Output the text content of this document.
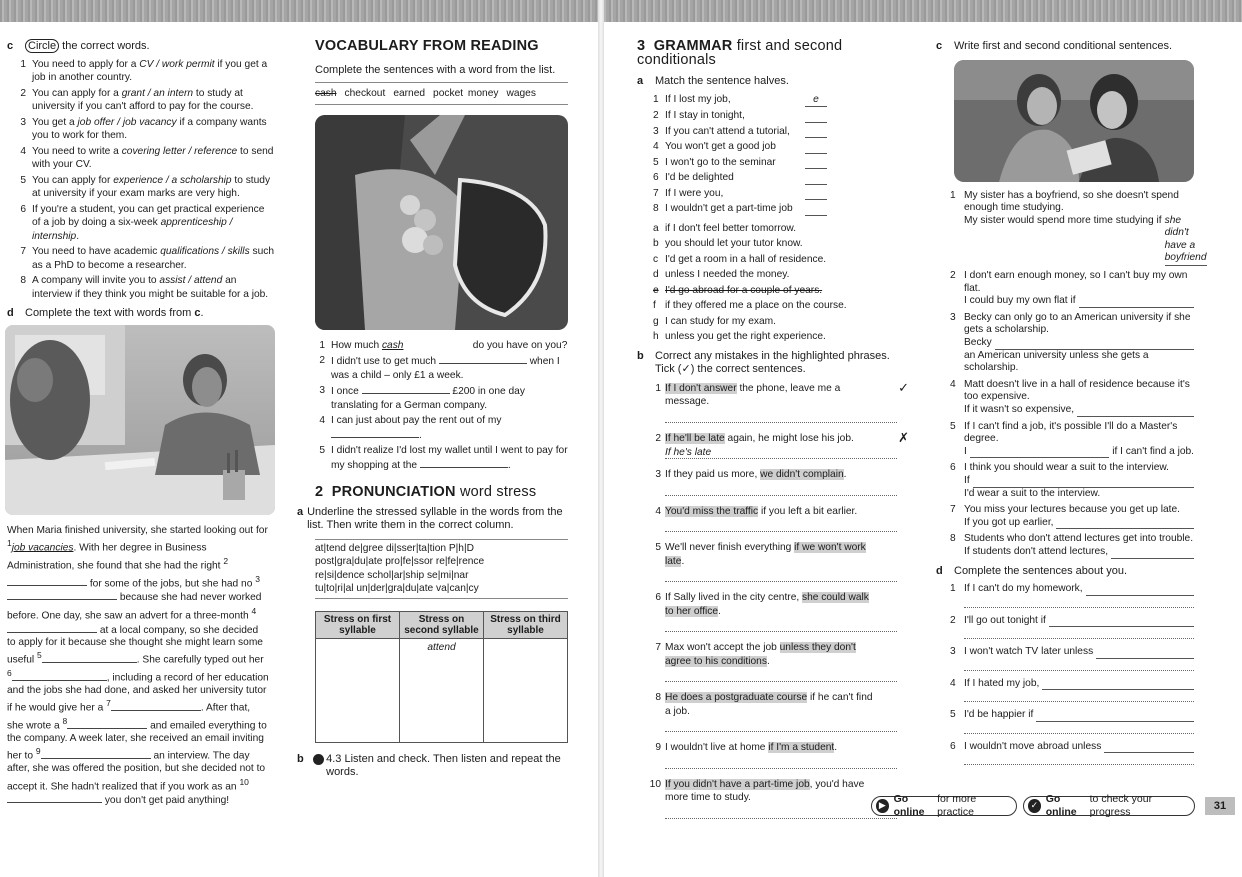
c Circle the correct words.
1 You need to apply for a CV / work permit if you get a job in another country.
2 You can apply for a grant / an intern to study at university if you can't afford to pay for the course.
3 You get a job offer / job vacancy if a company wants you to work for them.
4 You need to write a covering letter / reference to send with your CV.
5 You can apply for experience / a scholarship to study at university if your exam marks are very high.
6 If you're a student, you can get practical experience of a job by doing a six-week apprenticeship / internship.
7 You need to have academic qualifications / skills such as a PhD to become a researcher.
8 A company will invite you to assist / attend an interview if they think you might be suitable for a job.
d Complete the text with words from c.
When Maria finished university, she started looking out for $^1$job vacancies. With her degree in Business Administration, she found that she had the right $^2$ for some of the jobs, but she had no $^3$ because she had never worked before. One day, she saw an advert for a three-month $^4$ at a local company, so she decided to apply for it because she thought she might learn some useful $^5$	. She carefully typed out her $^6$	, including a record of her education and the jobs she had done, and asked her university tutor if he would give her a $^7$	. After that, she wrote a $^8$	and emailed everything to the company. A week later, she received an email inviting her to $^9$	an interview. The day after, she was offered the position, but she decided not to accept it. She hadn't realized that if you work as an $^{10}$ you don't get paid anything!
VOCABULARY FROM READING
Complete the sentences with a word from the list.
cash checkout earned pocket money wages
1 How much cash	do you have on you?
2 I didn't use to get much	when I was a child – only £1 a week.
3 I once	£200 in one day translating for a German company.
4 I can just about pay the rent out of my .
5 I didn't realize I'd lost my wallet until I went to pay for my shopping at the	.
2 PRONUNCIATION word stress
a Underline the stressed syllable in the words from the list. Then write them in the correct column.
at|tend de|gree di|sser|ta|tion P|h|D
post|gra|du|ate pro|fe|ssor re|fe|rence
re|si|dence schol|ar|ship se|mi|nar
tu|to|ri|al un|der|gra|du|ate va|can|cy
Stress on first syllable	Stress on second syllable	Stress on third syllable
	attend	
b	4.3 Listen and check. Then listen and repeat the words.
3 GRAMMAR first and second conditionals
a Match the sentence halves.
1 If I lost my job,	e
2 If I stay in tonight,
3 If you can't attend a tutorial,
4 You won't get a good job
5 I won't go to the seminar
6 I'd be delighted
7 If I were you,
8 I wouldn't get a part-time job
a if I don't feel better tomorrow.
b you should let your tutor know.
c I'd get a room in a hall of residence.
d unless I needed the money.
e I'd go abroad for a couple of years.
f if they offered me a place on the course.
g I can study for my exam.
h unless you get the right experience.
b	Correct any mistakes in the highlighted phrases. Tick (✓) the correct sentences.
1 If I don't answer the phone, leave me a message.
✓
2 If he'll be late again, he might lose his job.	✗
If he's late
3 If they paid us more, we didn't complain.
4 You'd miss the traffic if you left a bit earlier.
5 We'll never finish everything if we won't work late.
6 If Sally lived in the city centre, she could walk to her office.
7 Max won't accept the job unless they don't agree to his conditions.
8 He does a postgraduate course if he can't find a job.
9 I wouldn't live at home if I'm a student.
10 If you didn't have a part-time job, you'd have more time to study.
c Write first and second conditional sentences.
1 My sister has a boyfriend, so she doesn't spend enough time studying.
My sister would spend more time studying if she didn't have a boyfriend
2 I don't earn enough money, so I can't buy my own flat.
I could buy my own flat if
3 Becky can only go to an American university if she gets a scholarship.
Becky
an American university unless she gets a scholarship.
4 Matt doesn't live in a hall of residence because it's too expensive.
If it wasn't so expensive,
5 If I can't find a job, it's possible I'll do a Master's degree.
I	if I can't find a job.
6 I think you should wear a suit to the interview.
If
I'd wear a suit to the interview.
7 You miss your lectures because you get up late.
If you got up earlier,
8 Students who don't attend lectures get into trouble.
If students don't attend lectures,
d Complete the sentences about you.
1 If I can't do my homework,
2 I'll go out tonight if
3 I won't watch TV later unless
4 If I hated my job,
5 I'd be happier if
6 I wouldn't move abroad unless
▶
Go online
for more practice
✓
Go online
to check your progress	31
